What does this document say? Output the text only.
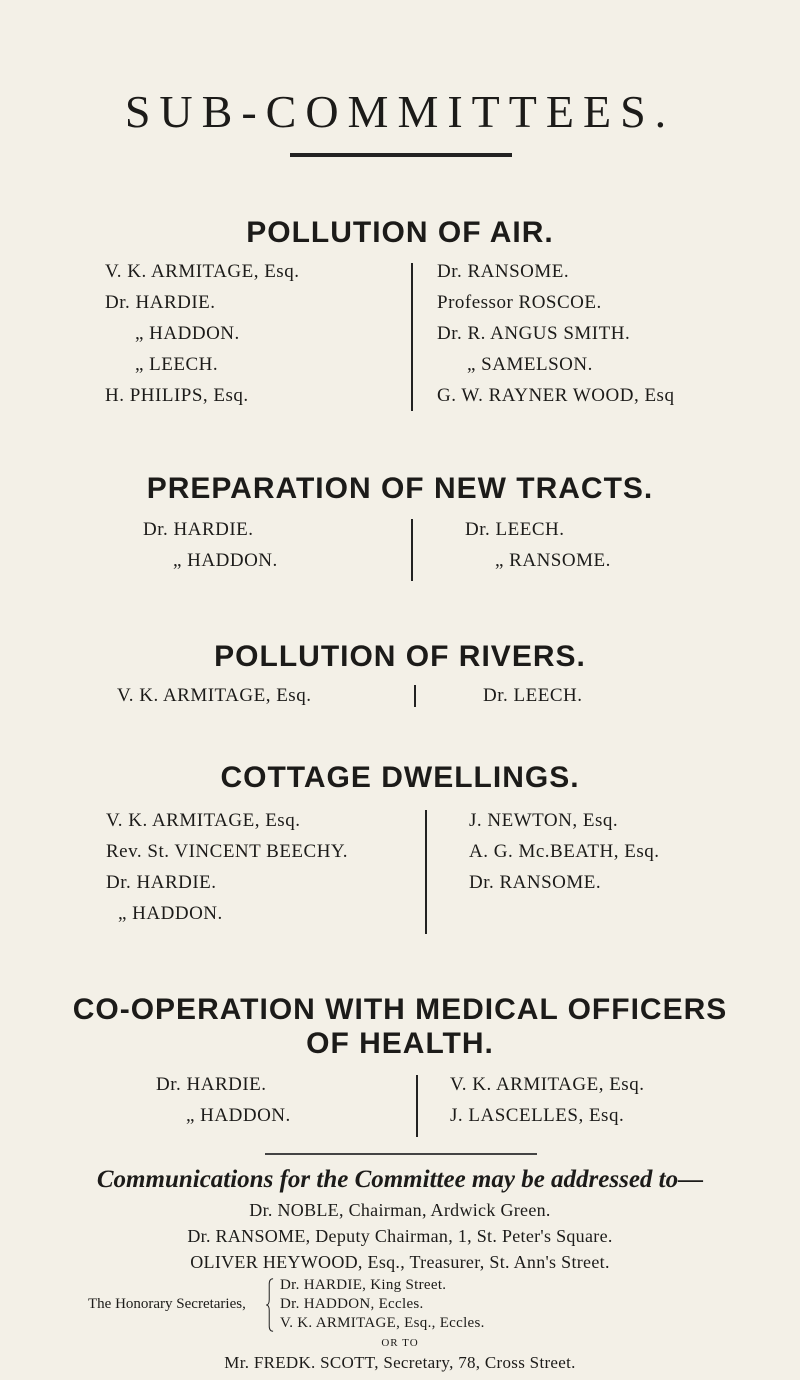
SUB-COMMITTEES.
POLLUTION OF AIR.
V. K. ARMITAGE, Esq.
Dr. HARDIE.
„ HADDON.
„ LEECH.
H. PHILIPS, Esq.
Dr. RANSOME.
Professor ROSCOE.
Dr. R. ANGUS SMITH.
„ SAMELSON.
G. W. RAYNER WOOD, Esq
PREPARATION OF NEW TRACTS.
Dr. HARDIE.
„ HADDON.
Dr. LEECH.
„ RANSOME.
POLLUTION OF RIVERS.
V. K. ARMITAGE, Esq.	Dr. LEECH.
COTTAGE DWELLINGS.
V. K. ARMITAGE, Esq.
Rev. St. VINCENT BEECHY.
Dr. HARDIE.
„ HADDON.
J. NEWTON, Esq.
A. G. Mc.BEATH, Esq.
Dr. RANSOME.
CO-OPERATION WITH MEDICAL OFFICERS
OF HEALTH.
Dr. HARDIE.
„ HADDON.
V. K. ARMITAGE, Esq.
J. LASCELLES, Esq.
Communications for the Committee may be addressed to—
Dr. NOBLE, Chairman, Ardwick Green.
Dr. RANSOME, Deputy Chairman, 1, St. Peter's Square.
OLIVER HEYWOOD, Esq., Treasurer, St. Ann's Street.
The Honorary Secretaries,
Dr. HARDIE, King Street.
Dr. HADDON, Eccles.
V. K. ARMITAGE, Esq., Eccles.
OR TO
Mr. FREDK. SCOTT, Secretary, 78, Cross Street.
